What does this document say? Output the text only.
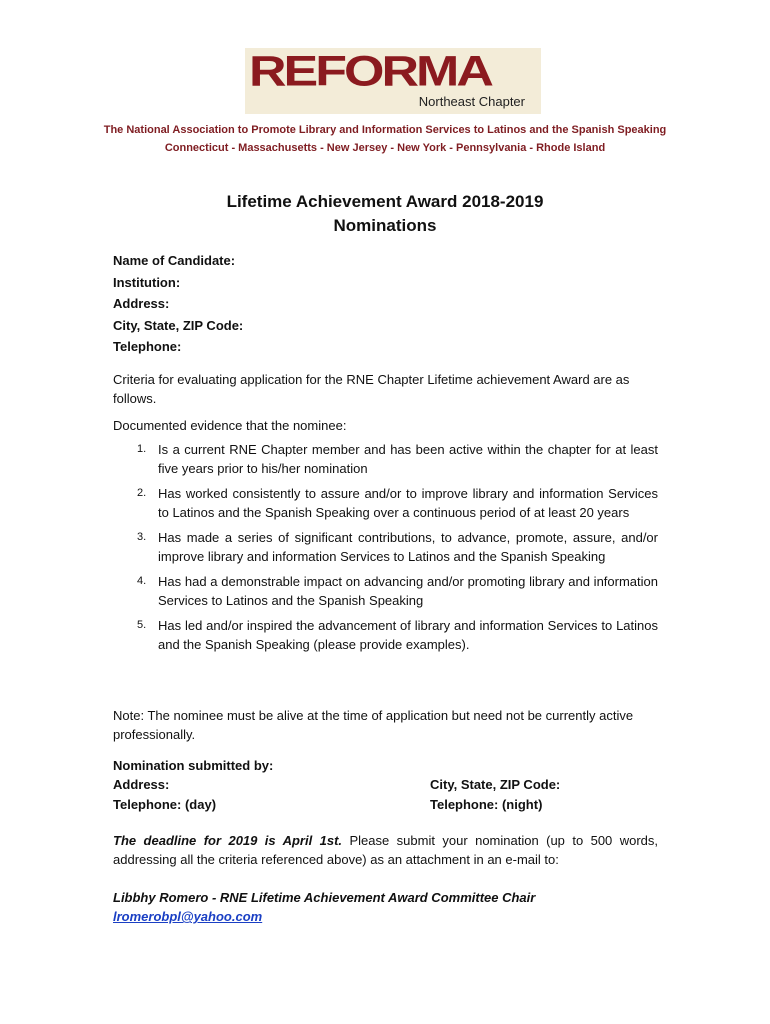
REFORMA
Northeast Chapter
The National Association to Promote Library and Information Services to Latinos and the Spanish Speaking
Connecticut - Massachusetts - New Jersey - New York - Pennsylvania - Rhode Island
Lifetime Achievement Award 2018-2019
Nominations
Name of Candidate:
Institution:
Address:
City, State, ZIP Code:
Telephone:
Criteria for evaluating application for the RNE Chapter Lifetime achievement Award are as follows.
Documented evidence that the nominee:
1. Is a current RNE Chapter member and has been active within the chapter for at least five years prior to his/her nomination
2. Has worked consistently to assure and/or to improve library and information Services to Latinos and the Spanish Speaking over a continuous period of at least 20 years
3. Has made a series of significant contributions, to advance, promote, assure, and/or improve library and information Services to Latinos and the Spanish Speaking
4. Has had a demonstrable impact on advancing and/or promoting library and information Services to Latinos and the Spanish Speaking
5. Has led and/or inspired the advancement of library and information Services to Latinos and the Spanish Speaking (please provide examples).
Note: The nominee must be alive at the time of application but need not be currently active professionally.
Nomination submitted by:
Address:
Telephone: (day)
City, State, ZIP Code:
Telephone: (night)
The deadline for 2019 is April 1st. Please submit your nomination (up to 500 words, addressing all the criteria referenced above) as an attachment in an e-mail to:
Libbhy Romero - RNE Lifetime Achievement Award Committee Chair
lromerobpl@yahoo.com
